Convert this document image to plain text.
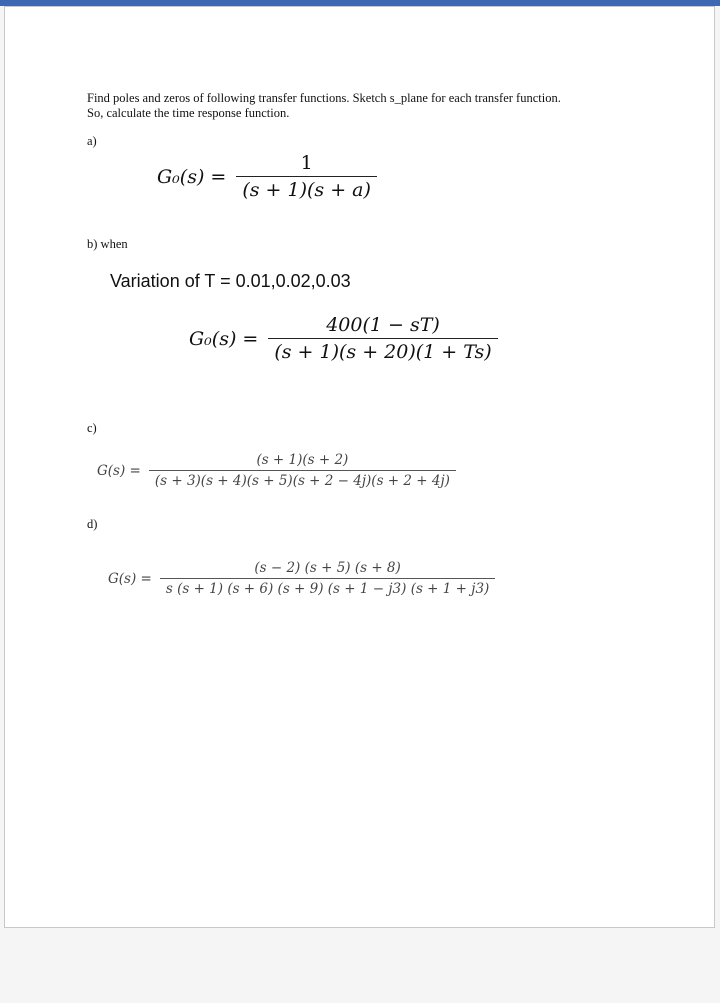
Find poles and zeros of following transfer functions. Sketch s_plane for each transfer function.
So, calculate the time response function.
a)
$G_0(s) = \frac{1}{(s + 1)(s + a)}$
b) when
Variation of T = 0.01,0.02,0.03
$G_0(s) = \frac{400(1 - sT)}{(s + 1)(s + 20)(1 + Ts)}$
c)
$G(s) = \frac{(s + 1)(s + 2)}{(s + 3)(s + 4)(s + 5)(s + 2 - 4j)(s + 2 + 4j)}$
d)
$G(s) = \frac{(s - 2) (s + 5) (s + 8)}{s (s + 1) (s + 6) (s + 9) (s + 1 - j3) (s + 1 + j3)}$
